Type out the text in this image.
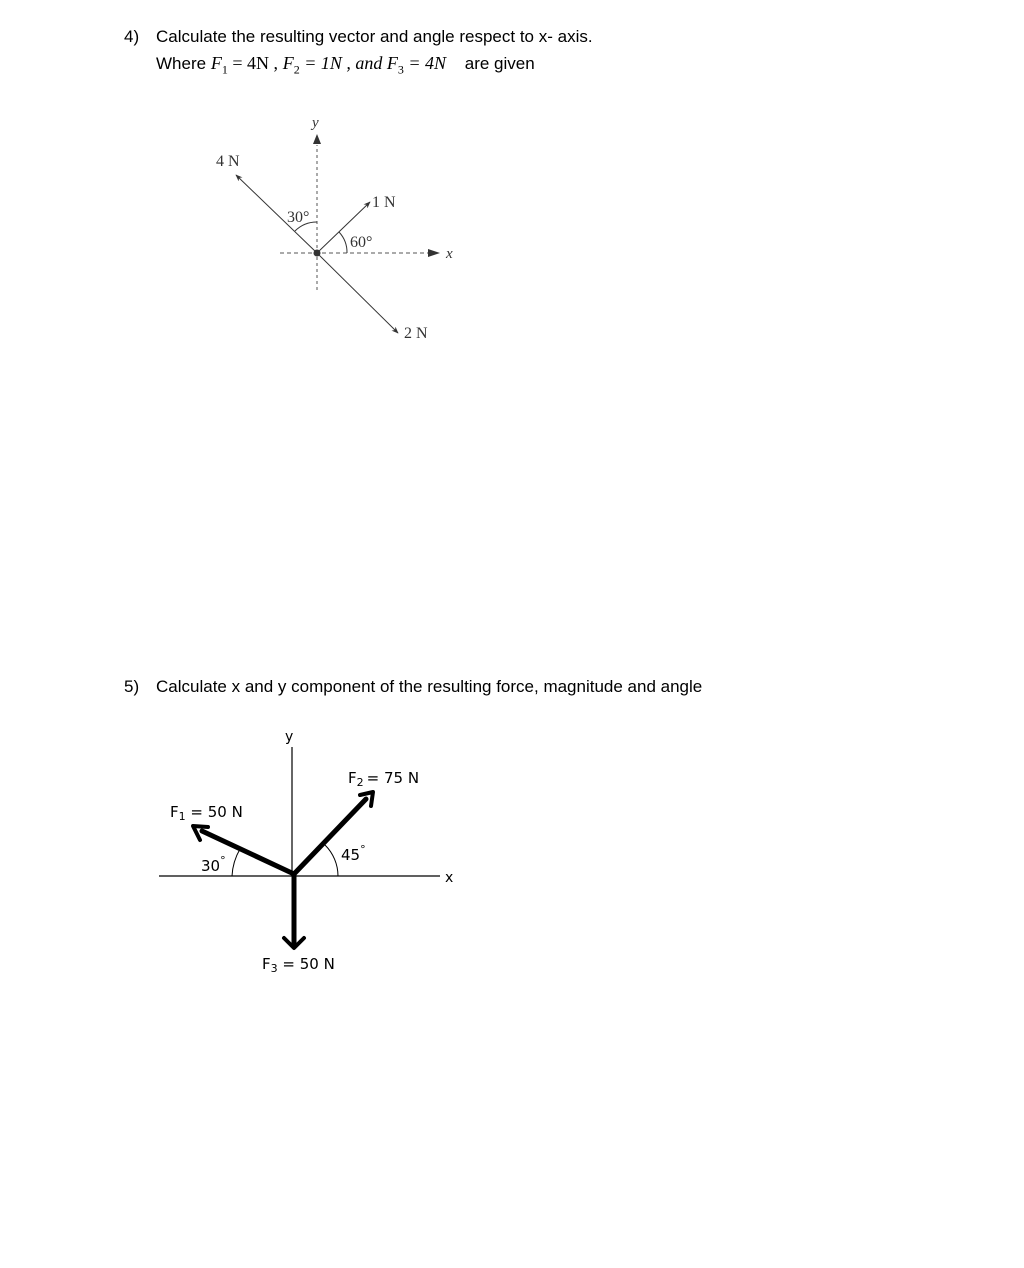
4) Calculate the resulting vector and angle respect to x- axis.
Where $F_1 = 4N$ , $F_2 = 1N$ , and $F_3 = 4N$ are given
y
x
4 N
1 N
2 N
30°
60°
5) Calculate x and y component of the resulting force, magnitude and angle
y
x
$F_1 = 50$ N
$F_2 = 75$ N
$F_3 = 50$ N
30°	45°
